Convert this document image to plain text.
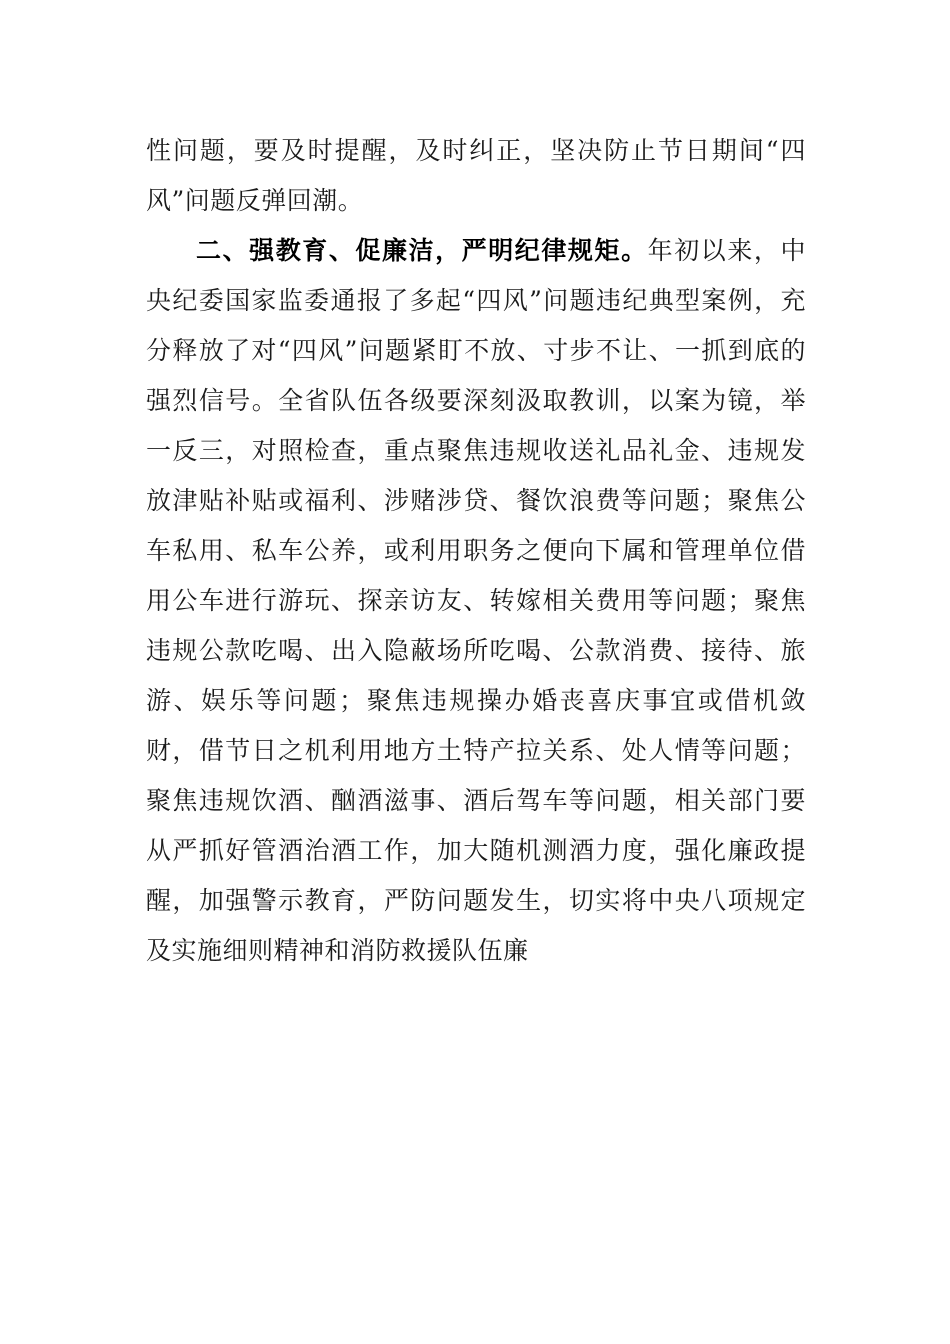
性问题，要及时提醒，及时纠正，坚决防止节日期间“四风”问题反弹回潮。

二、强教育、促廉洁，严明纪律规矩。年初以来，中央纪委国家监委通报了多起“四风”问题违纪典型案例，充分释放了对“四风”问题紧盯不放、寸步不让、一抓到底的强烈信号。全省队伍各级要深刻汲取教训，以案为镜，举一反三，对照检查，重点聚焦违规收送礼品礼金、违规发放津贴补贴或福利、涉赌涉贷、餐饮浪费等问题；聚焦公车私用、私车公养，或利用职务之便向下属和管理单位借用公车进行游玩、探亲访友、转嫁相关费用等问题；聚焦违规公款吃喝、出入隐蔽场所吃喝、公款消费、接待、旅游、娱乐等问题；聚焦违规操办婚丧喜庆事宜或借机敛财，借节日之机利用地方土特产拉关系、处人情等问题；聚焦违规饮酒、酗酒滋事、酒后驾车等问题，相关部门要从严抓好管酒治酒工作，加大随机测酒力度，强化廉政提醒，加强警示教育，严防问题发生，切实将中央八项规定及实施细则精神和消防救援队伍廉
